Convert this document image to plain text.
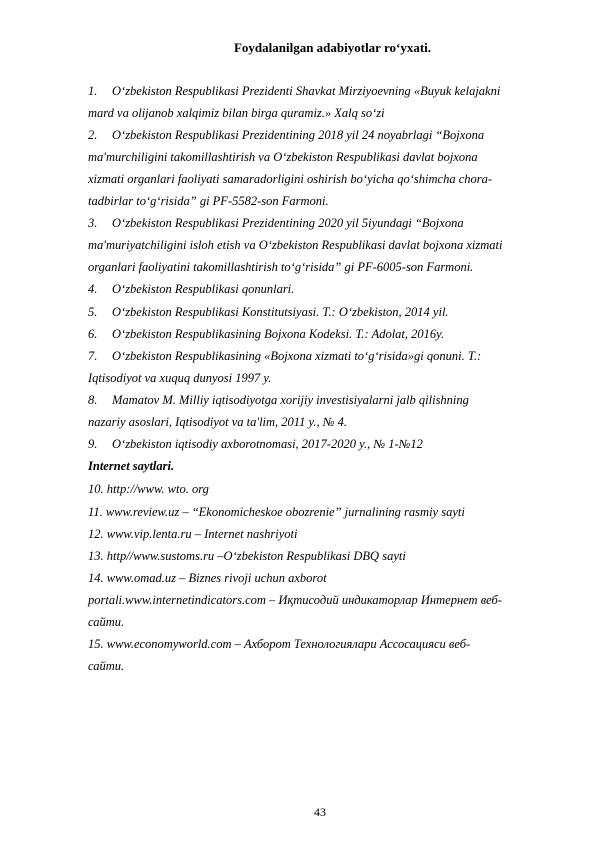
Foydalanilgan adabiyotlar ro‘yxati.
1. O‘zbekiston Respublikasi Prezidenti Shavkat Mirziyoevning «Buyuk kelajakni
mard va olijanob xalqimiz bilan birga quramiz.» Xalq so‘zi
2. O‘zbekiston Respublikasi Prezidentining 2018 yil 24 noyabrlagi “Bojxona
ma'murchiligini takomillashtirish va O‘zbekiston Respublikasi davlat bojxona
xizmati organlari faoliyati samaradorligini oshirish bo‘yicha qo‘shimcha chora-
tadbirlar to‘g‘risida” gi PF-5582-son Farmoni.
3. O‘zbekiston Respublikasi Prezidentining 2020 yil 5iyundagi “Bojxona
ma'muriyatchiligini isloh etish va O‘zbekiston Respublikasi davlat bojxona xizmati
organlari faoliyatini takomillashtirish to‘g‘risida” gi PF-6005-son Farmoni.
4. O‘zbekiston Respublikasi qonunlari.
5. O‘zbekiston Respublikasi Konstitutsiyasi. T.: O‘zbekiston, 2014 yil.
6. O‘zbekiston Respublikasining Bojxona Kodeksi. T.: Adolat, 2016y.
7. O‘zbekiston Respublikasining «Bojxona xizmati to‘g‘risida»gi qonuni. T.:
Iqtisodiyot va xuquq dunyosi 1997 y.
8. Mamatov M. Milliy iqtisodiyotga xorijiy investisiyalarni jalb qilishning
nazariy asoslari, Iqtisodiyot va ta'lim, 2011 y., № 4.
9. O‘zbekiston iqtisodiy axborotnomasi, 2017-2020 y., № 1-№12
Internet saytlari.
10. http://www. wto. org
11. www.review.uz – “Ekonomicheskoe obozrenie” jurnalining rasmiy sayti
12. www.vip.lenta.ru – Internet nashriyoti
13. http//www.sustoms.ru –O‘zbekiston Respublikasi DBQ sayti
14. www.omad.uz – Biznes rivoji uchun axborot
portali.www.internetindicators.com – Иқтисодий индикаторлар Интернет веб-
сайти.
15. www.economyworld.com – Ахборот Технологиялари Ассосацияси веб-
сайти.
43
